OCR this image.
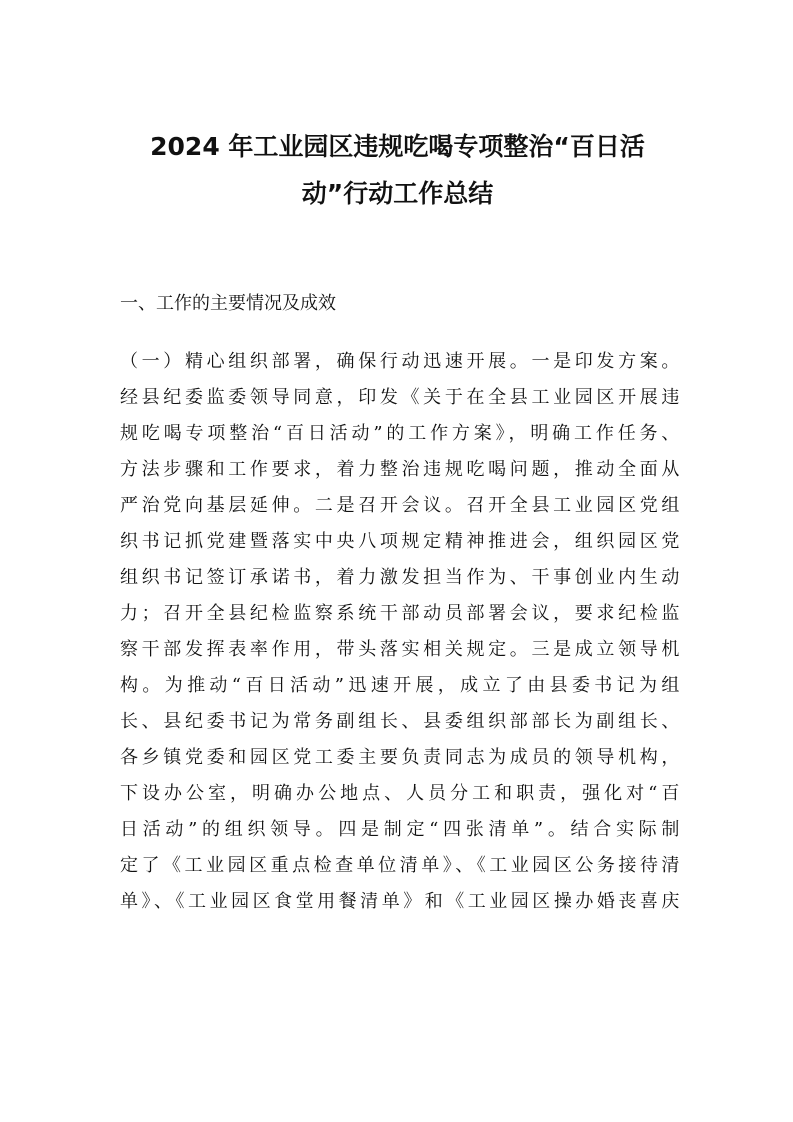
2024 年工业园区违规吃喝专项整治“百日活
动”行动工作总结

一、工作的主要情况及成效

（一）精心组织部署，确保行动迅速开展。一是印发方案。
经县纪委监委领导同意，印发《关于在全县工业园区开展违
规吃喝专项整治“百日活动”的工作方案》，明确工作任务、
方法步骤和工作要求，着力整治违规吃喝问题，推动全面从
严治党向基层延伸。二是召开会议。召开全县工业园区党组
织书记抓党建暨落实中央八项规定精神推进会，组织园区党
组织书记签订承诺书，着力激发担当作为、干事创业内生动
力；召开全县纪检监察系统干部动员部署会议，要求纪检监
察干部发挥表率作用，带头落实相关规定。三是成立领导机
构。为推动“百日活动”迅速开展，成立了由县委书记为组
长、县纪委书记为常务副组长、县委组织部部长为副组长、
各乡镇党委和园区党工委主要负责同志为成员的领导机构，
下设办公室，明确办公地点、人员分工和职责，强化对“百
日活动”的组织领导。四是制定“四张清单”。结合实际制
定了《工业园区重点检查单位清单》、《工业园区公务接待清
单》、《工业园区食堂用餐清单》和《工业园区操办婚丧喜庆
